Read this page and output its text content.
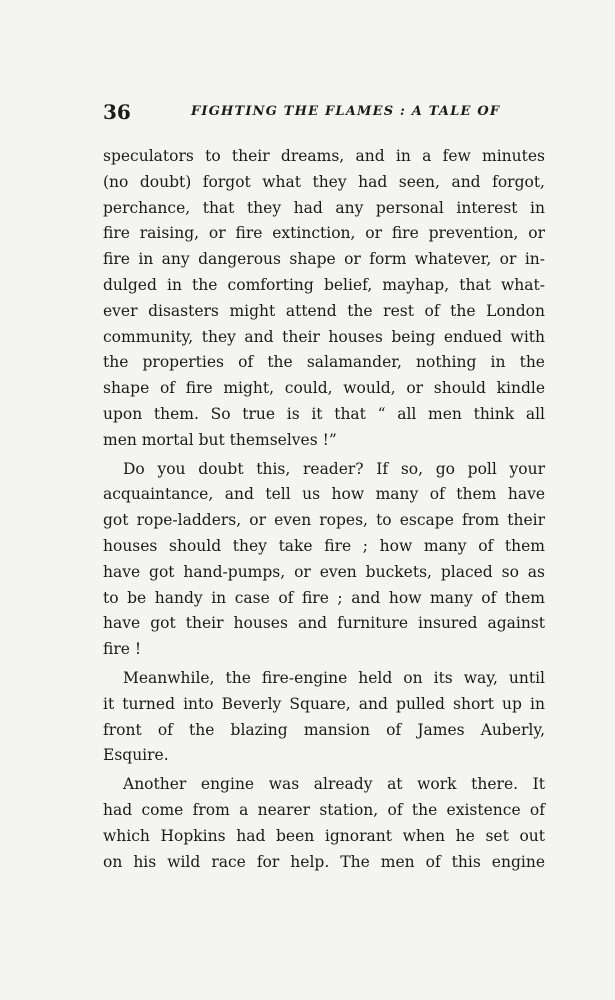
36	FIGHTING THE FLAMES : A TALE OF

speculators to their dreams, and in a few minutes
(no doubt) forgot what they had seen, and forgot,
perchance, that they had any personal interest in
fire raising, or fire extinction, or fire prevention, or
fire in any dangerous shape or form whatever, or in-
dulged in the comforting belief, mayhap, that what-
ever disasters might attend the rest of the London
community, they and their houses being endued with
the properties of the salamander, nothing in the
shape of fire might, could, would, or should kindle
upon them. So true is it that “ all men think all
men mortal but themselves !”

Do you doubt this, reader? If so, go poll your
acquaintance, and tell us how many of them have
got rope-ladders, or even ropes, to escape from their
houses should they take fire ; how many of them
have got hand-pumps, or even buckets, placed so as
to be handy in case of fire ; and how many of them
have got their houses and furniture insured against
fire !

Meanwhile, the fire-engine held on its way, until
it turned into Beverly Square, and pulled short up in
front of the blazing mansion of James Auberly,
Esquire.

Another engine was already at work there. It
had come from a nearer station, of the existence of
which Hopkins had been ignorant when he set out
on his wild race for help. The men of this engine
